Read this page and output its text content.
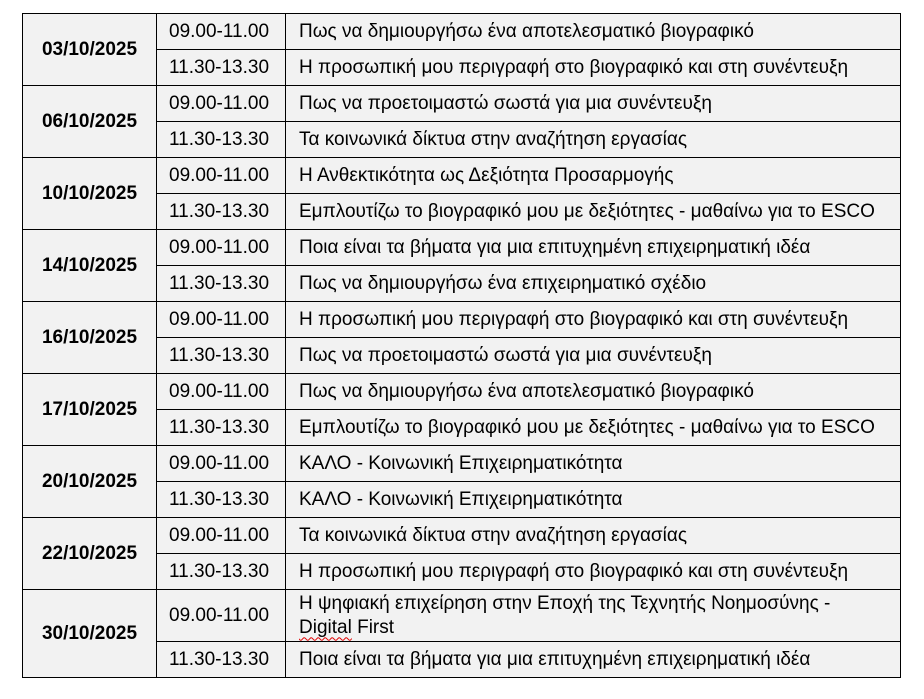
03/10/2025	09.00-11.00	Πως να δημιουργήσω ένα αποτελεσματικό βιογραφικό
	11.30-13.30	Η προσωπική μου περιγραφή στο βιογραφικό και στη συνέντευξη
06/10/2025	09.00-11.00	Πως να προετοιμαστώ σωστά για μια συνέντευξη
	11.30-13.30	Τα κοινωνικά δίκτυα στην αναζήτηση εργασίας
10/10/2025	09.00-11.00	Η Ανθεκτικότητα ως Δεξιότητα Προσαρμογής
	11.30-13.30	Εμπλουτίζω το βιογραφικό μου με δεξιότητες - μαθαίνω για το ESCO
14/10/2025	09.00-11.00	Ποια είναι τα βήματα για μια επιτυχημένη επιχειρηματική ιδέα
	11.30-13.30	Πως να δημιουργήσω ένα επιχειρηματικό σχέδιο
16/10/2025	09.00-11.00	Η προσωπική μου περιγραφή στο βιογραφικό και στη συνέντευξη
	11.30-13.30	Πως να προετοιμαστώ σωστά για μια συνέντευξη
17/10/2025	09.00-11.00	Πως να δημιουργήσω ένα αποτελεσματικό βιογραφικό
	11.30-13.30	Εμπλουτίζω το βιογραφικό μου με δεξιότητες - μαθαίνω για το ESCO
20/10/2025	09.00-11.00	ΚΑΛΟ - Κοινωνική Επιχειρηματικότητα
	11.30-13.30	ΚΑΛΟ - Κοινωνική Επιχειρηματικότητα
22/10/2025	09.00-11.00	Τα κοινωνικά δίκτυα στην αναζήτηση εργασίας
	11.30-13.30	Η προσωπική μου περιγραφή στο βιογραφικό και στη συνέντευξη
30/10/2025	09.00-11.00	Η ψηφιακή επιχείρηση στην Εποχή της Τεχνητής Νοημοσύνης -
Digital First
	11.30-13.30	Ποια είναι τα βήματα για μια επιτυχημένη επιχειρηματική ιδέα
